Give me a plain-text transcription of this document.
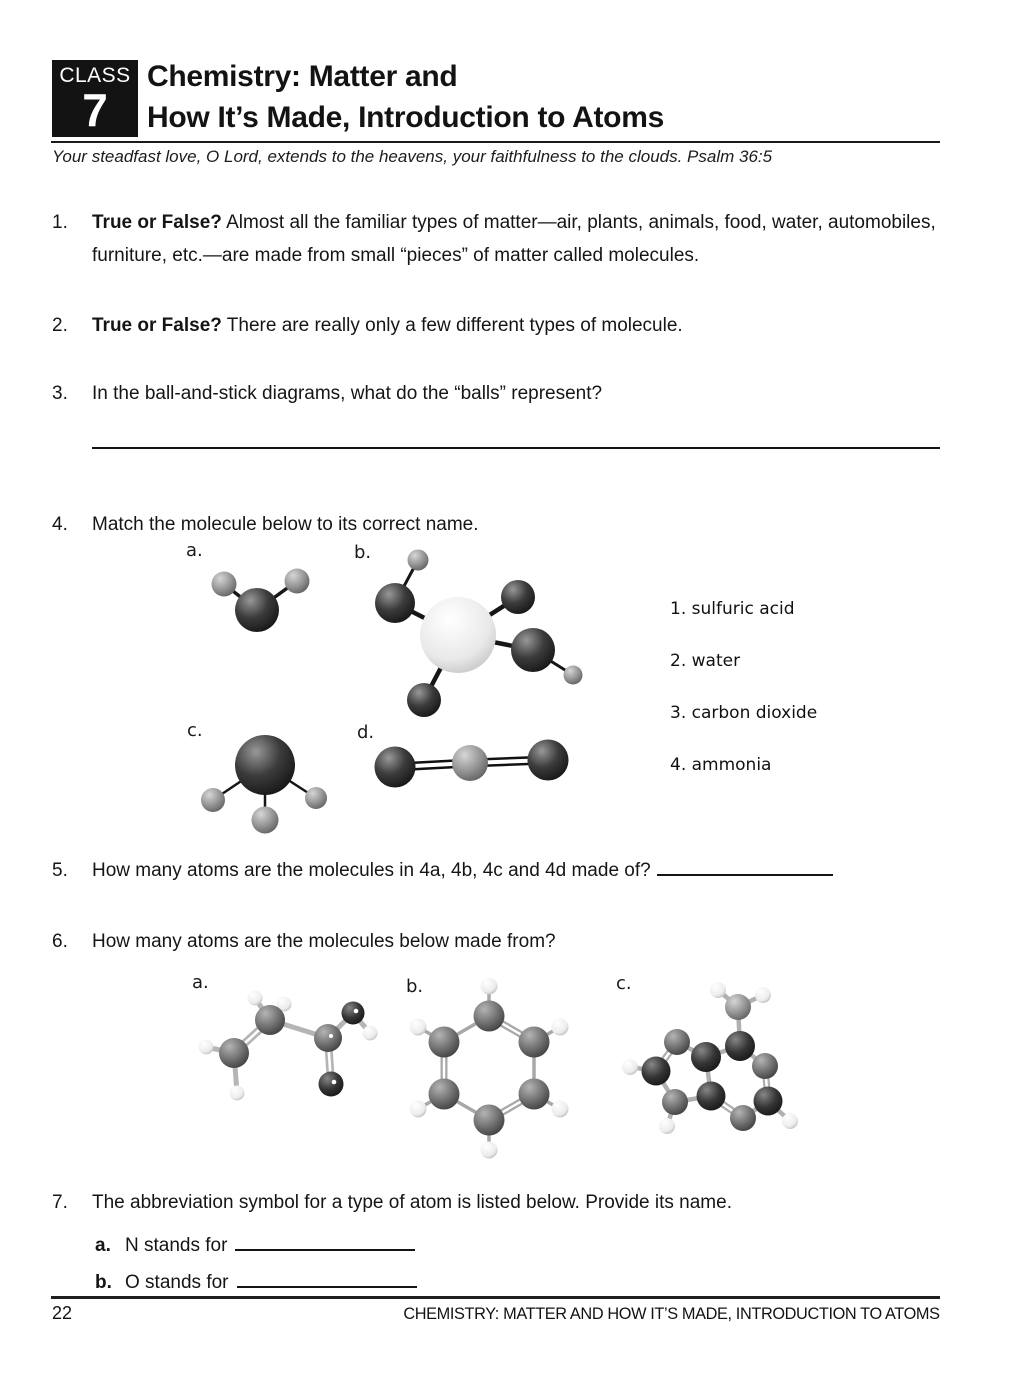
CLASS
7
Chemistry: Matter and
How It’s Made, Introduction to Atoms
Your steadfast love, O Lord, extends to the heavens, your faithfulness to the clouds. Psalm 36:5
1.	True or False? Almost all the familiar types of matter—air, plants, animals, food, water, automobiles, furniture, etc.—are made from small “pieces” of matter called molecules.
2.	True or False? There are really only a few different types of molecule.
3.	In the ball-and-stick diagrams, what do the “balls” represent?
4.	Match the molecule below to its correct name.
a.	b.
c.	d.
1. sulfuric acid
2. water
3. carbon dioxide
4. ammonia
5.	How many atoms are the molecules in 4a, 4b, 4c and 4d made of?
6.	How many atoms are the molecules below made from?
a.	b.	c.
7.	The abbreviation symbol for a type of atom is listed below. Provide its name.
a. N stands for
b. O stands for
22	CHEMISTRY: MATTER AND HOW IT’S MADE, INTRODUCTION TO ATOMS
